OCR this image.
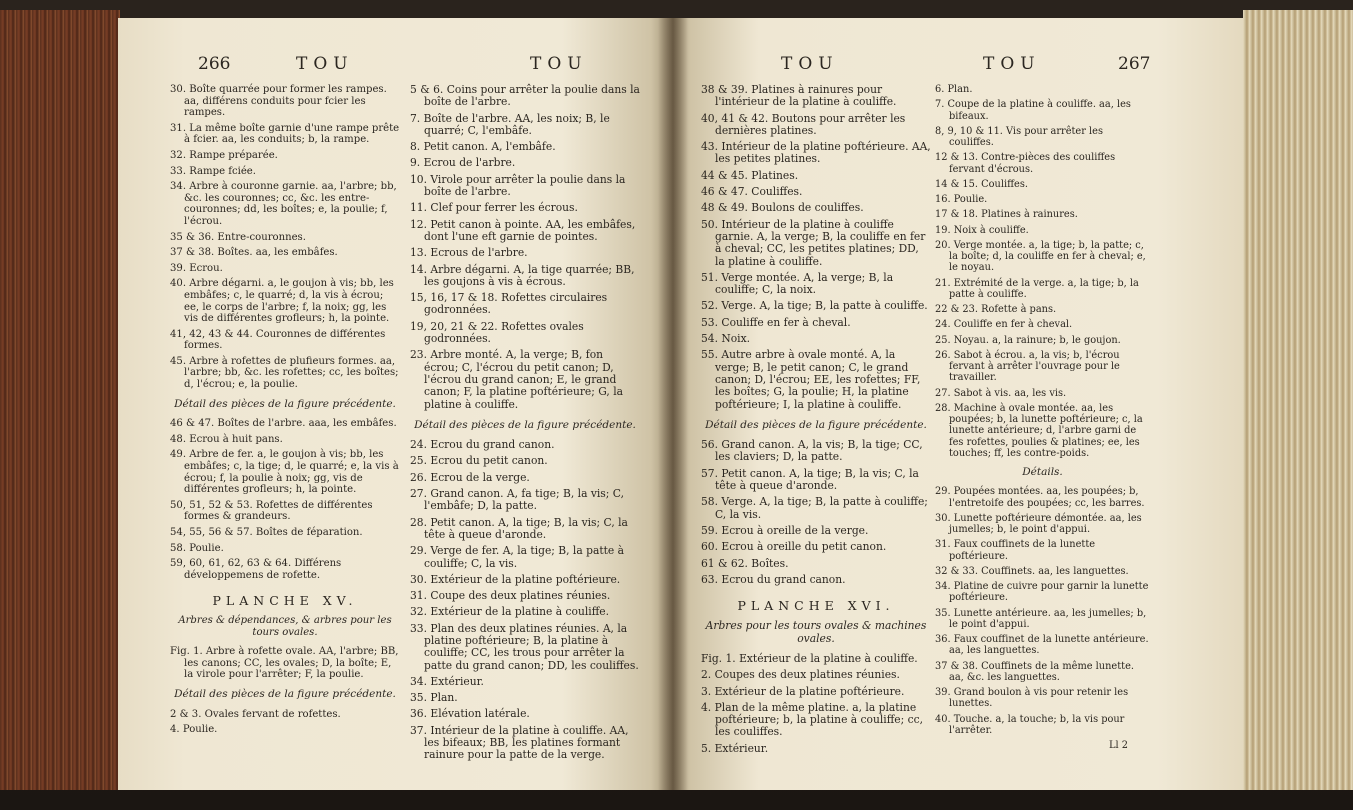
266	TOU	TOU
30. Boîte quarrée pour former les rampes. aa, différens conduits pour fcier les rampes.
31. La même boîte garnie d'une rampe prête à fcier. aa, les conduits; b, la rampe.
32. Rampe préparée.
33. Rampe fciée.
34. Arbre à couronne garnie. aa, l'arbre; bb, &c. les couronnes; cc, &c. les entre-couronnes; dd, les boîtes; e, la poulie; f, l'écrou.
35 & 36. Entre-couronnes.
37 & 38. Boîtes. aa, les embâfes.
39. Ecrou.
40. Arbre dégarni. a, le goujon à vis; bb, les embâfes; c, le quarré; d, la vis à écrou; ee, le corps de l'arbre; f, la noix; gg, les vis de différentes grofleurs; h, la pointe.
41, 42, 43 & 44. Couronnes de différentes formes.
45. Arbre à rofettes de plufieurs formes. aa, l'arbre; bb, &c. les rofettes; cc, les boîtes; d, l'écrou; e, la poulie.
Détail des pièces de la figure précédente.
46 & 47. Boîtes de l'arbre. aaa, les embâfes.
48. Ecrou à huit pans.
49. Arbre de fer. a, le goujon à vis; bb, les embâfes; c, la tige; d, le quarré; e, la vis à écrou; f, la poulie à noix; gg, vis de différentes grofleurs; h, la pointe.
50, 51, 52 & 53. Rofettes de différentes formes & grandeurs.
54, 55, 56 & 57. Boîtes de féparation.
58. Poulie.
59, 60, 61, 62, 63 & 64. Différens développemens de rofette.
PLANCHE XV.
Arbres & dépendances, & arbres pour les tours ovales.
Fig. 1. Arbre à rofette ovale. AA, l'arbre; BB, les canons; CC, les ovales; D, la boîte; E, la virole pour l'arrêter; F, la poulie.
Détail des pièces de la figure précédente.
2 & 3. Ovales fervant de rofettes.
4. Poulie.
5 & 6. Coins pour arrêter la poulie dans la boîte de l'arbre.
7. Boîte de l'arbre. AA, les noix; B, le quarré; C, l'embâfe.
8. Petit canon. A, l'embâfe.
9. Ecrou de l'arbre.
10. Virole pour arrêter la poulie dans la boîte de l'arbre.
11. Clef pour ferrer les écrous.
12. Petit canon à pointe. AA, les embâfes, dont l'une eft garnie de pointes.
13. Ecrous de l'arbre.
14. Arbre dégarni. A, la tige quarrée; BB, les goujons à vis à écrous.
15, 16, 17 & 18. Rofettes circulaires godronnées.
19, 20, 21 & 22. Rofettes ovales godronnées.
23. Arbre monté. A, la verge; B, fon écrou; C, l'écrou du petit canon; D, l'écrou du grand canon; E, le grand canon; F, la platine poftérieure; G, la platine à couliffe.
Détail des pièces de la figure précédente.
24. Ecrou du grand canon.
25. Ecrou du petit canon.
26. Ecrou de la verge.
27. Grand canon. A, fa tige; B, la vis; C, l'embâfe; D, la patte.
28. Petit canon. A, la tige; B, la vis; C, la tête à queue d'aronde.
29. Verge de fer. A, la tige; B, la patte à couliffe; C, la vis.
30. Extérieur de la platine poftérieure.
31. Coupe des deux platines réunies.
32. Extérieur de la platine à couliffe.
33. Plan des deux platines réunies. A, la platine poftérieure; B, la platine à couliffe; CC, les trous pour arrêter la patte du grand canon; DD, les couliffes.
34. Extérieur.
35. Plan.
36. Elévation latérale.
37. Intérieur de la platine à couliffe. AA, les bifeaux; BB, les platines formant rainure pour la patte de la verge.
TOU	TOU	267
38 & 39. Platines à rainures pour l'intérieur de la platine à couliffe.
40, 41 & 42. Boutons pour arrêter les dernières platines.
43. Intérieur de la platine poftérieure. AA, les petites platines.
44 & 45. Platines.
46 & 47. Couliffes.
48 & 49. Boulons de couliffes.
50. Intérieur de la platine à couliffe garnie. A, la verge; B, la couliffe en fer à cheval; CC, les petites platines; DD, la platine à couliffe.
51. Verge montée. A, la verge; B, la couliffe; C, la noix.
52. Verge. A, la tige; B, la patte à couliffe.
53. Couliffe en fer à cheval.
54. Noix.
55. Autre arbre à ovale monté. A, la verge; B, le petit canon; C, le grand canon; D, l'écrou; EE, les rofettes; FF, les boîtes; G, la poulie; H, la platine poftérieure; I, la platine à couliffe.
Détail des pièces de la figure précédente.
56. Grand canon. A, la vis; B, la tige; CC, les claviers; D, la patte.
57. Petit canon. A, la tige; B, la vis; C, la tête à queue d'aronde.
58. Verge. A, la tige; B, la patte à couliffe; C, la vis.
59. Ecrou à oreille de la verge.
60. Ecrou à oreille du petit canon.
61 & 62. Boîtes.
63. Ecrou du grand canon.
PLANCHE XVI.
Arbres pour les tours ovales & machines ovales.
Fig. 1. Extérieur de la platine à couliffe.
2. Coupes des deux platines réunies.
3. Extérieur de la platine poftérieure.
4. Plan de la même platine. a, la platine poftérieure; b, la platine à couliffe; cc, les couliffes.
5. Extérieur.
6. Plan.
7. Coupe de la platine à couliffe. aa, les bifeaux.
8, 9, 10 & 11. Vis pour arrêter les couliffes.
12 & 13. Contre-pièces des couliffes fervant d'écrous.
14 & 15. Couliffes.
16. Poulie.
17 & 18. Platines à rainures.
19. Noix à couliffe.
20. Verge montée. a, la tige; b, la patte; c, la boîte; d, la couliffe en fer à cheval; e, le noyau.
21. Extrémité de la verge. a, la tige; b, la patte à couliffe.
22 & 23. Rofette à pans.
24. Couliffe en fer à cheval.
25. Noyau. a, la rainure; b, le goujon.
26. Sabot à écrou. a, la vis; b, l'écrou fervant à arrêter l'ouvrage pour le travailler.
27. Sabot à vis. aa, les vis.
28. Machine à ovale montée. aa, les poupées; b, la lunette poftérieure; c, la lunette antérieure; d, l'arbre garni de fes rofettes, poulies & platines; ee, les touches; ff, les contre-poids.
Détails.
29. Poupées montées. aa, les poupées; b, l'entretoife des poupées; cc, les barres.
30. Lunette poftérieure démontée. aa, les jumelles; b, le point d'appui.
31. Faux couffinets de la lunette poftérieure.
32 & 33. Couffinets. aa, les languettes.
34. Platine de cuivre pour garnir la lunette poftérieure.
35. Lunette antérieure. aa, les jumelles; b, le point d'appui.
36. Faux couffinet de la lunette antérieure. aa, les languettes.
37 & 38. Couffinets de la même lunette. aa, &c. les languettes.
39. Grand boulon à vis pour retenir les lunettes.
40. Touche. a, la touche; b, la vis pour l'arrêter.
Ll 2
